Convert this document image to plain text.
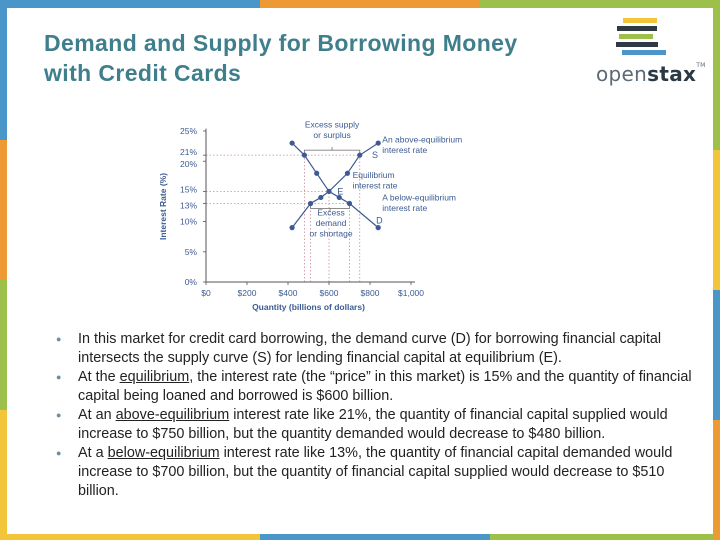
Demand and Supply for Borrowing Money
with Credit Cards	openstax™
0%
5%
10%
13%
15%
20%
21%
25%
$0	$200	$400	$600	$800 $1,000
Quantity (billions of dollars)
Interest Rate (%)
S
E
D
Excess supply or surplus	An above-equilibrium interest rate
Equilibrium interest rate
A below-equilibrium interest rate
Excess demand or shortage
● In this market for credit card borrowing, the demand curve (D) for borrowing financial capital intersects the supply curve (S) for lending financial capital at equilibrium (E).
● At the equilibrium, the interest rate (the “price” in this market) is 15% and the quantity of financial capital being loaned and borrowed is $600 billion.
● At an above-equilibrium interest rate like 21%, the quantity of financial capital supplied would increase to $750 billion, but the quantity demanded would decrease to $480 billion.
● At a below-equilibrium interest rate like 13%, the quantity of financial capital demanded would increase to $700 billion, but the quantity of financial capital supplied would decrease to $510 billion.
